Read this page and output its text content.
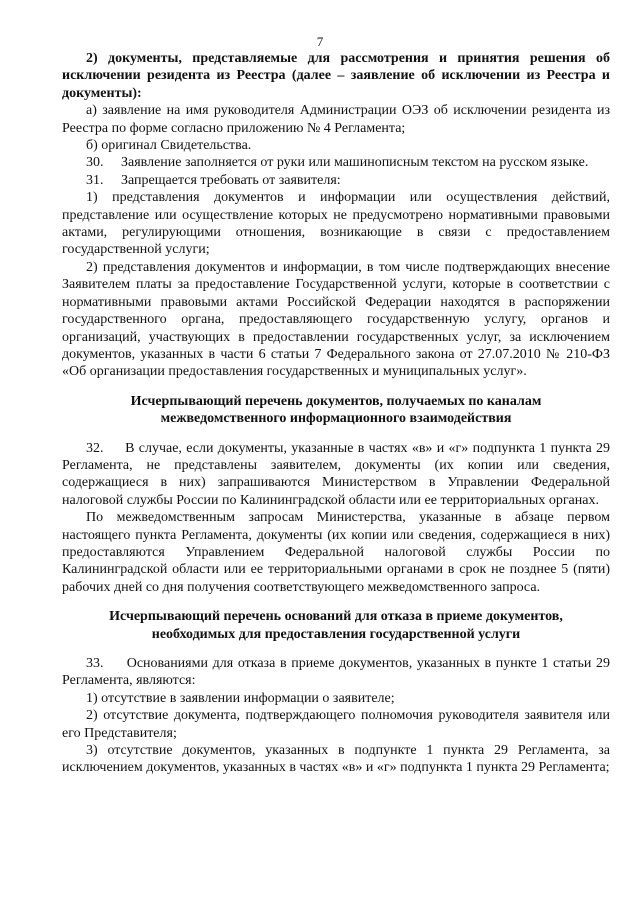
7

2) документы, представляемые для рассмотрения и принятия решения об исключении резидента из Реестра (далее – заявление об исключении из Реестра и документы):

а) заявление на имя руководителя Администрации ОЭЗ об исключении резидента из Реестра по форме согласно приложению № 4 Регламента;

б) оригинал Свидетельства.

30.     Заявление заполняется от руки или машинописным текстом на русском языке.

31.     Запрещается требовать от заявителя:

1) представления документов и информации или осуществления действий, представление или осуществление которых не предусмотрено нормативными правовыми актами, регулирующими отношения, возникающие в связи с предоставлением государственной услуги;

2) представления документов и информации, в том числе подтверждающих внесение Заявителем платы за предоставление Государственной услуги, которые в соответствии с нормативными правовыми актами Российской Федерации находятся в распоряжении государственного органа, предоставляющего государственную услугу, органов и организаций, участвующих в предоставлении государственных услуг, за исключением документов, указанных в части 6 статьи 7 Федерального закона от 27.07.2010 № 210-ФЗ «Об организации предоставления государственных и муниципальных услуг».

Исчерпывающий перечень документов, получаемых по каналам
межведомственного информационного взаимодействия

32.     В случае, если документы, указанные в частях «в» и «г» подпункта 1 пункта 29 Регламента, не представлены заявителем, документы (их копии или сведения, содержащиеся в них) запрашиваются Министерством в Управлении Федеральной налоговой службы России по Калининградской области или ее территориальных органах.

По межведомственным запросам Министерства, указанные в абзаце первом настоящего пункта Регламента, документы (их копии или сведения, содержащиеся в них) предоставляются Управлением Федеральной налоговой службы России по Калининградской области или ее территориальными органами в срок не позднее 5 (пяти) рабочих дней со дня получения соответствующего межведомственного запроса.

Исчерпывающий перечень оснований для отказа в приеме документов,
необходимых для предоставления государственной услуги

33.     Основаниями для отказа в приеме документов, указанных в пункте 1 статьи 29 Регламента, являются:

1) отсутствие в заявлении информации о заявителе;

2) отсутствие документа, подтверждающего полномочия руководителя заявителя или его Представителя;

3) отсутствие документов, указанных в подпункте 1 пункта 29 Регламента, за исключением документов, указанных в частях «в» и «г» подпункта 1 пункта 29 Регламента;
